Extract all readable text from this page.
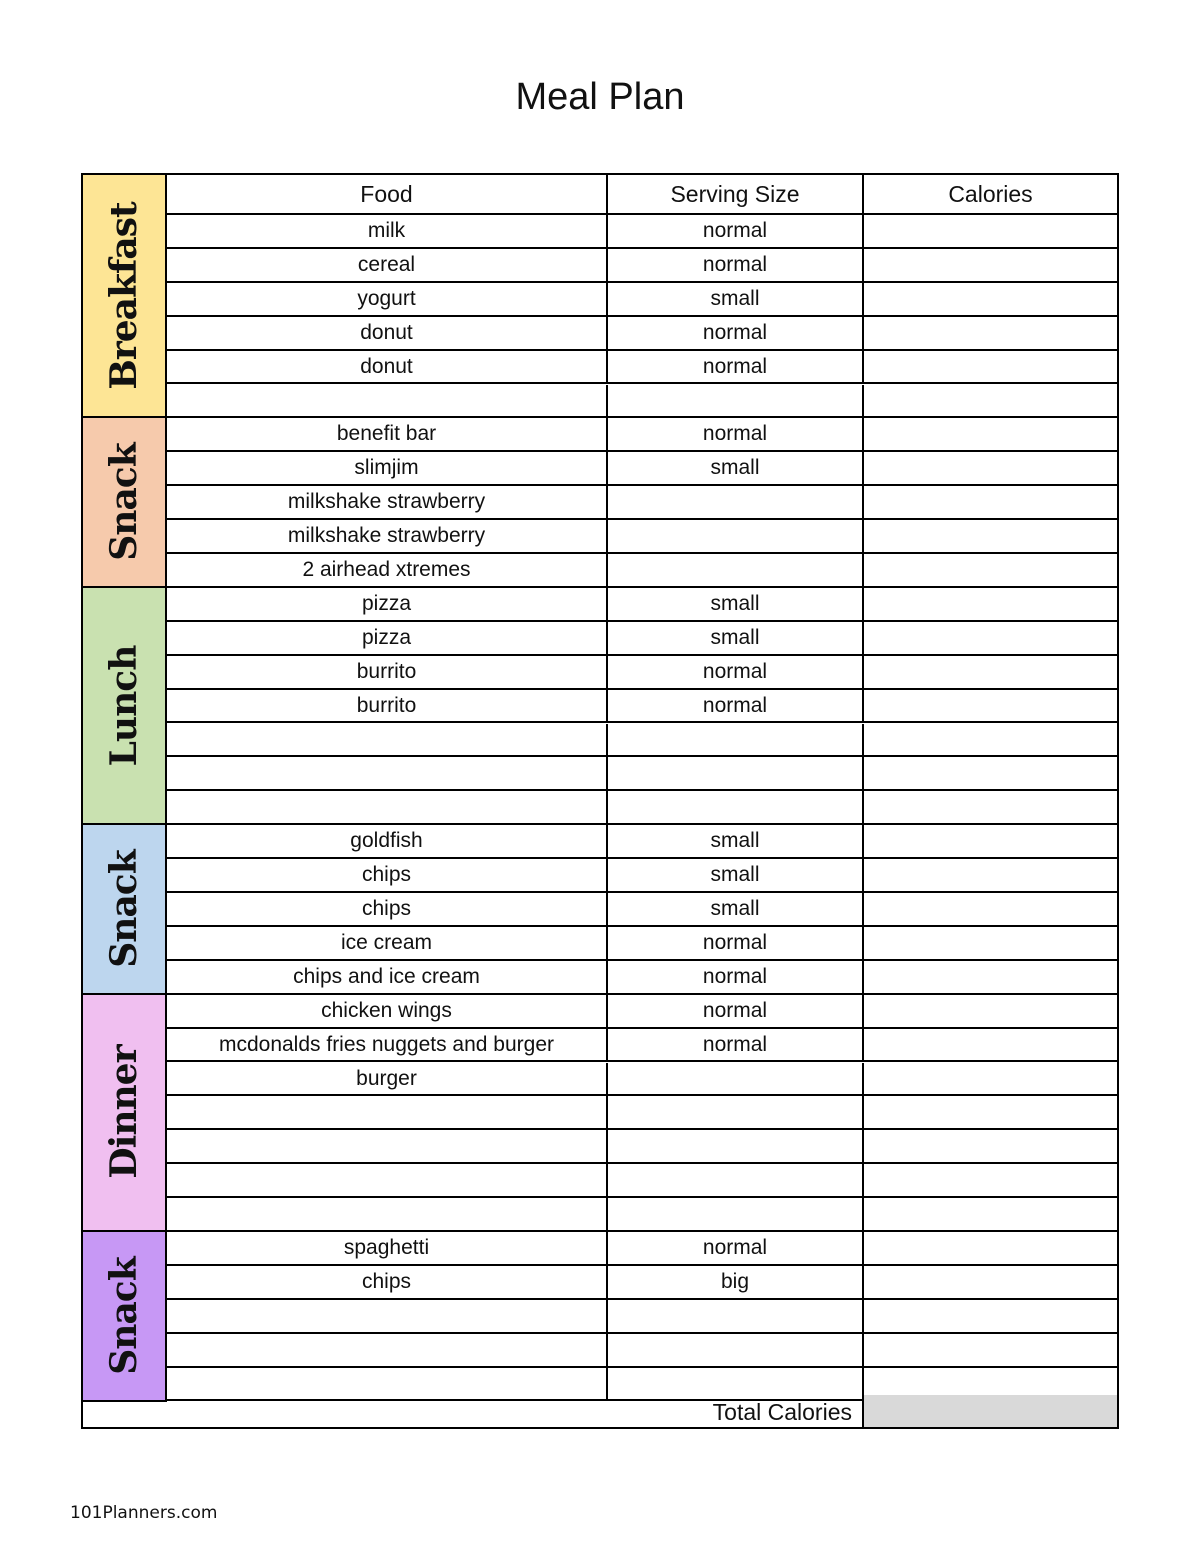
Meal Plan
Food	Serving Size	Calories
Breakfast	milk	normal
cereal	normal
yogurt	small
donut	normal
donut	normal
Snack
benefit bar	normal
slimjim	small
milkshake strawberry
milkshake strawberry
2 airhead xtremes
Lunch
pizza	small
pizza	small
burrito	normal
burrito	normal
Snack
goldfish	small
chips	small
chips	small
ice cream	normal
chips and ice cream	normal
Dinner
chicken wings	normal
mcdonalds fries nuggets and burger	normal
burger
Snack
spaghetti	normal
chips	big
Total Calories
101Planners.com
